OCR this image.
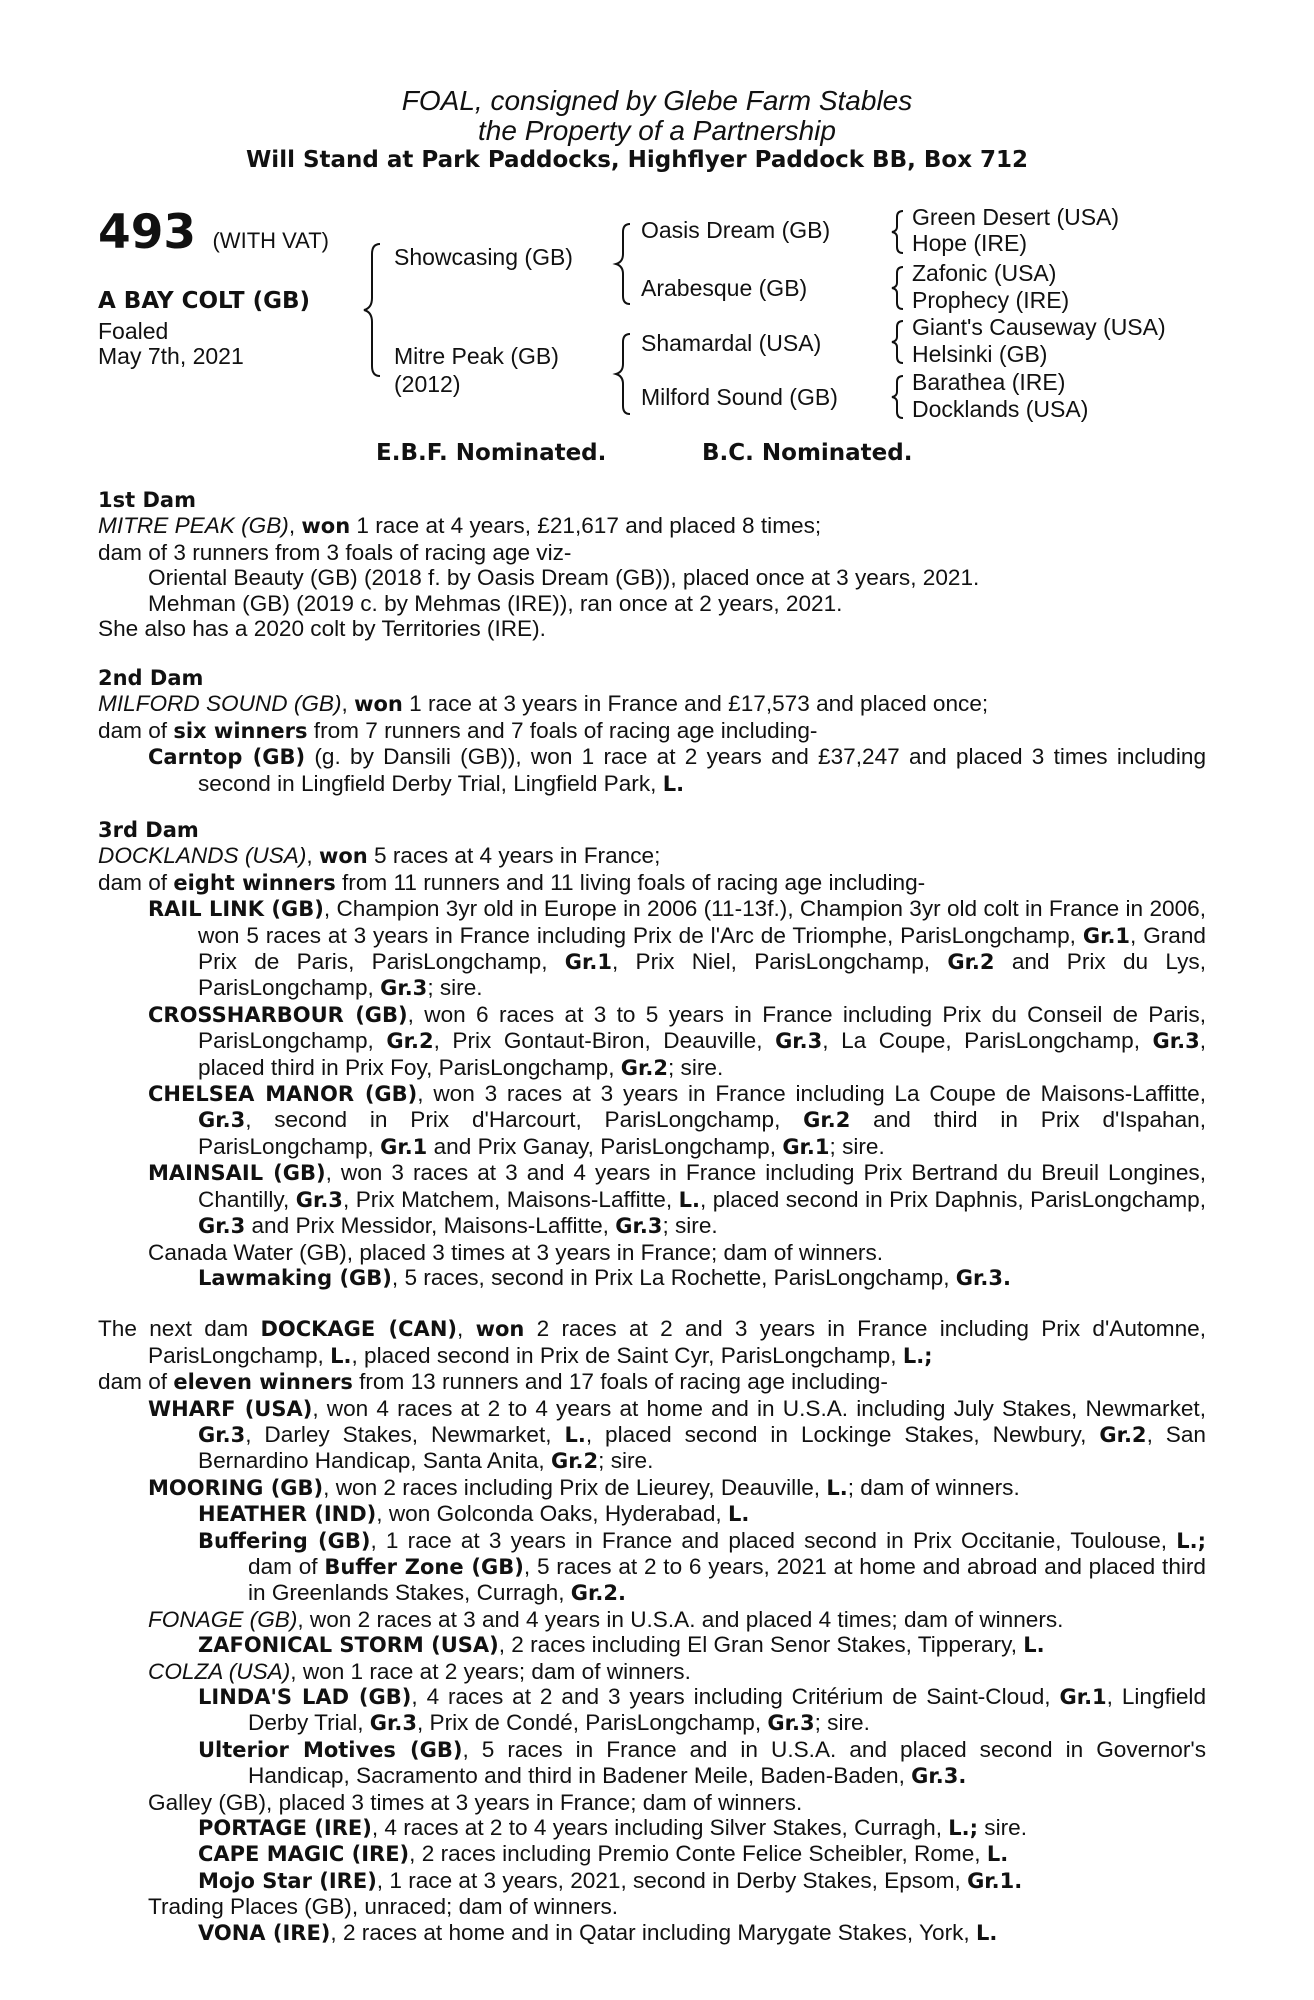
FOAL, consigned by Glebe Farm Stables
the Property of a Partnership
Will Stand at Park Paddocks, Highflyer Paddock BB, Box 712
493 (WITH VAT)
A BAY COLT (GB)
Foaled
May 7th, 2021
Showcasing (GB)
Mitre Peak (GB)
(2012)
Oasis Dream (GB)
Arabesque (GB)
Shamardal (USA)
Milford Sound (GB)
Green Desert (USA)
Hope (IRE)
Zafonic (USA)
Prophecy (IRE)
Giant's Causeway (USA)
Helsinki (GB)
Barathea (IRE)
Docklands (USA)
E.B.F. Nominated.	B.C. Nominated.

1st Dam

MITRE PEAK (GB), won 1 race at 4 years, £21,617 and placed 8 times;

dam of 3 runners from 3 foals of racing age viz-

Oriental Beauty (GB) (2018 f. by Oasis Dream (GB)), placed once at 3 years, 2021.

Mehman (GB) (2019 c. by Mehmas (IRE)), ran once at 2 years, 2021.

She also has a 2020 colt by Territories (IRE).

2nd Dam

MILFORD SOUND (GB), won 1 race at 3 years in France and £17,573 and placed once;

dam of six winners from 7 runners and 7 foals of racing age including-

Carntop (GB) (g. by Dansili (GB)), won 1 race at 2 years and £37,247 and placed 3 times including second in Lingfield Derby Trial, Lingfield Park, L.

3rd Dam

DOCKLANDS (USA), won 5 races at 4 years in France;

dam of eight winners from 11 runners and 11 living foals of racing age including-

RAIL LINK (GB), Champion 3yr old in Europe in 2006 (11-13f.), Champion 3yr old colt in France in 2006, won 5 races at 3 years in France including Prix de l'Arc de Triomphe, ParisLongchamp, Gr.1, Grand Prix de Paris, ParisLongchamp, Gr.1, Prix Niel, ParisLongchamp, Gr.2 and Prix du Lys, ParisLongchamp, Gr.3; sire.

CROSSHARBOUR (GB), won 6 races at 3 to 5 years in France including Prix du Conseil de Paris, ParisLongchamp, Gr.2, Prix Gontaut-Biron, Deauville, Gr.3, La Coupe, ParisLongchamp, Gr.3, placed third in Prix Foy, ParisLongchamp, Gr.2; sire.

CHELSEA MANOR (GB), won 3 races at 3 years in France including La Coupe de Maisons-Laffitte, Gr.3, second in Prix d'Harcourt, ParisLongchamp, Gr.2 and third in Prix d'Ispahan, ParisLongchamp, Gr.1 and Prix Ganay, ParisLongchamp, Gr.1; sire.

MAINSAIL (GB), won 3 races at 3 and 4 years in France including Prix Bertrand du Breuil Longines, Chantilly, Gr.3, Prix Matchem, Maisons-Laffitte, L., placed second in Prix Daphnis, ParisLongchamp, Gr.3 and Prix Messidor, Maisons-Laffitte, Gr.3; sire.

Canada Water (GB), placed 3 times at 3 years in France; dam of winners.

Lawmaking (GB), 5 races, second in Prix La Rochette, ParisLongchamp, Gr.3.

The next dam DOCKAGE (CAN), won 2 races at 2 and 3 years in France including Prix d'Automne, ParisLongchamp, L., placed second in Prix de Saint Cyr, ParisLongchamp, L.;

dam of eleven winners from 13 runners and 17 foals of racing age including-

WHARF (USA), won 4 races at 2 to 4 years at home and in U.S.A. including July Stakes, Newmarket, Gr.3, Darley Stakes, Newmarket, L., placed second in Lockinge Stakes, Newbury, Gr.2, San Bernardino Handicap, Santa Anita, Gr.2; sire.

MOORING (GB), won 2 races including Prix de Lieurey, Deauville, L.; dam of winners.

HEATHER (IND), won Golconda Oaks, Hyderabad, L.

Buffering (GB), 1 race at 3 years in France and placed second in Prix Occitanie, Toulouse, L.; dam of Buffer Zone (GB), 5 races at 2 to 6 years, 2021 at home and abroad and placed third in Greenlands Stakes, Curragh, Gr.2.

FONAGE (GB), won 2 races at 3 and 4 years in U.S.A. and placed 4 times; dam of winners.

ZAFONICAL STORM (USA), 2 races including El Gran Senor Stakes, Tipperary, L.

COLZA (USA), won 1 race at 2 years; dam of winners.

LINDA'S LAD (GB), 4 races at 2 and 3 years including Critérium de Saint-Cloud, Gr.1, Lingfield Derby Trial, Gr.3, Prix de Condé, ParisLongchamp, Gr.3; sire.

Ulterior Motives (GB), 5 races in France and in U.S.A. and placed second in Governor's Handicap, Sacramento and third in Badener Meile, Baden-Baden, Gr.3.

Galley (GB), placed 3 times at 3 years in France; dam of winners.

PORTAGE (IRE), 4 races at 2 to 4 years including Silver Stakes, Curragh, L.; sire.

CAPE MAGIC (IRE), 2 races including Premio Conte Felice Scheibler, Rome, L.

Mojo Star (IRE), 1 race at 3 years, 2021, second in Derby Stakes, Epsom, Gr.1.

Trading Places (GB), unraced; dam of winners.

VONA (IRE), 2 races at home and in Qatar including Marygate Stakes, York, L.
